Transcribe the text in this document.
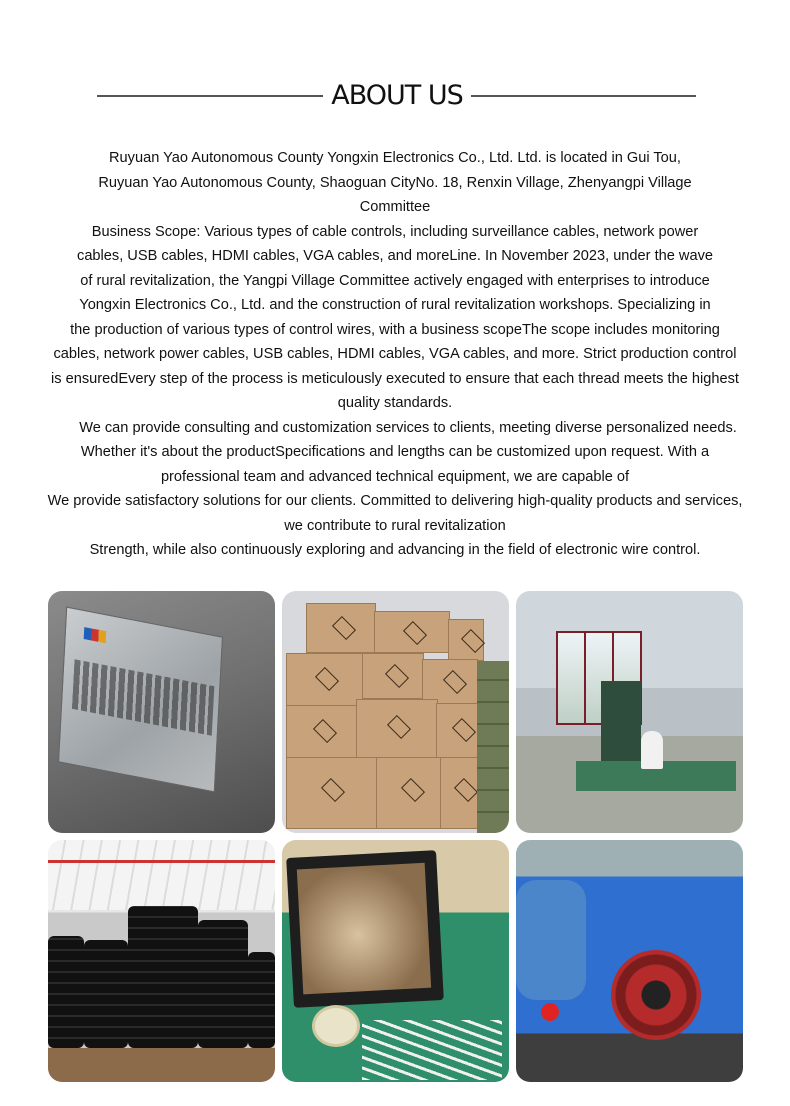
ABOUT US

Ruyuan Yao Autonomous County Yongxin Electronics Co., Ltd. Ltd. is located in Gui Tou,

Ruyuan Yao Autonomous County, Shaoguan CityNo. 18, Renxin Village, Zhenyangpi Village

Committee

Business Scope: Various types of cable controls, including surveillance cables, network power

cables, USB cables, HDMI cables, VGA cables, and moreLine. In November 2023, under the wave

of rural revitalization, the Yangpi Village Committee actively engaged with enterprises to introduce

Yongxin Electronics Co., Ltd. and the construction of rural revitalization workshops. Specializing in

the production of various types of control wires, with a business scopeThe scope includes monitoring

cables, network power cables, USB cables, HDMI cables, VGA cables, and more. Strict production control

is ensuredEvery step of the process is meticulously executed to ensure that each thread meets the highest

quality standards.

We can provide consulting and customization services to clients, meeting diverse personalized needs.

Whether it's about the productSpecifications and lengths can be customized upon request. With a

professional team and advanced technical equipment, we are capable of

We provide satisfactory solutions for our clients. Committed to delivering high-quality products and services,

we contribute to rural revitalization

Strength, while also continuously exploring and advancing in the field of electronic wire control.
